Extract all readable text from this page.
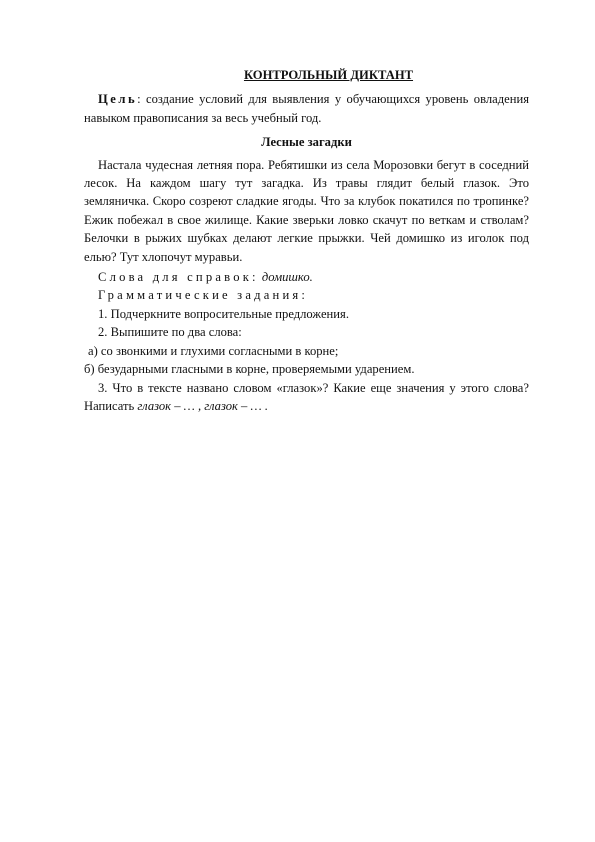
КОНТРОЛЬНЫЙ ДИКТАНТ

Цель: создание условий для выявления у обучающихся уровень овладения навыком правописания за весь учебный год.

Лесные загадки

Настала чудесная летняя пора. Ребятишки из села Морозовки бегут в соседний лесок. На каждом шагу тут загадка. Из травы глядит белый глазок. Это земляничка. Скоро созреют сладкие ягоды. Что за клубок покатился по тропинке? Ежик побежал в свое жилище. Какие зверьки ловко скачут по веткам и стволам? Белочки в рыжих шубках делают легкие прыжки. Чей домишко из иголок под елью? Тут хлопочут муравьи.

Слова для справок: домишко.

Грамматические задания:

1. Подчеркните вопросительные предложения.

2. Выпишите по два слова:

а) со звонкими и глухими согласными в корне;

б) безударными гласными в корне, проверяемыми ударением.

3. Что в тексте названо словом «глазок»? Какие еще значения у этого слова? Написать глазок – … , глазок – … .
